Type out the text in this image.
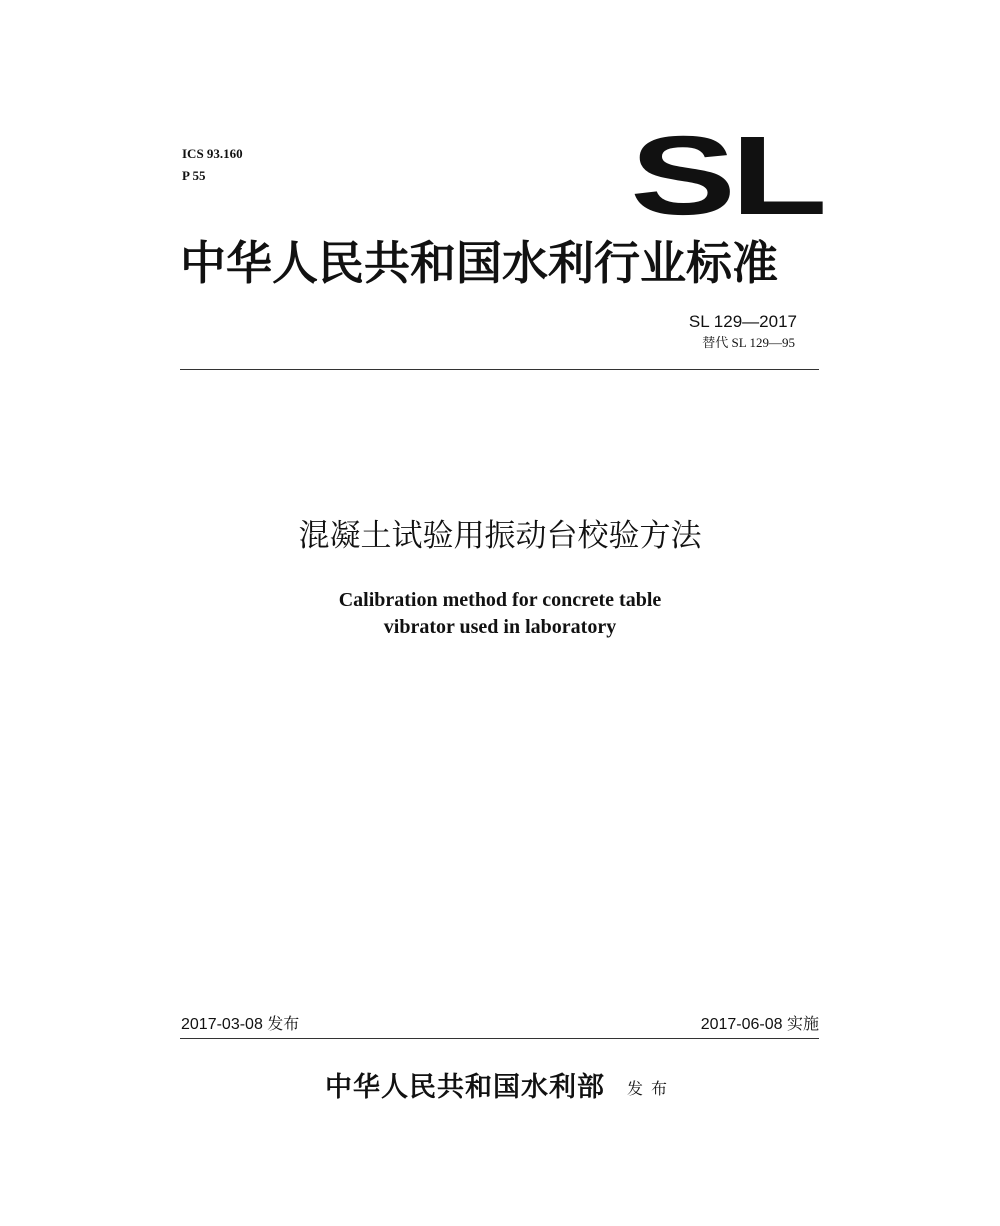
ICS 93.160
P 55	SL
中华人民共和国水利行业标准
SL 129—2017
替代 SL 129—95
混凝土试验用振动台校验方法
Calibration method for concrete table
vibrator used in laboratory
2017-03-08 发布	2017-06-08 实施
中华人民共和国水利部 发布
